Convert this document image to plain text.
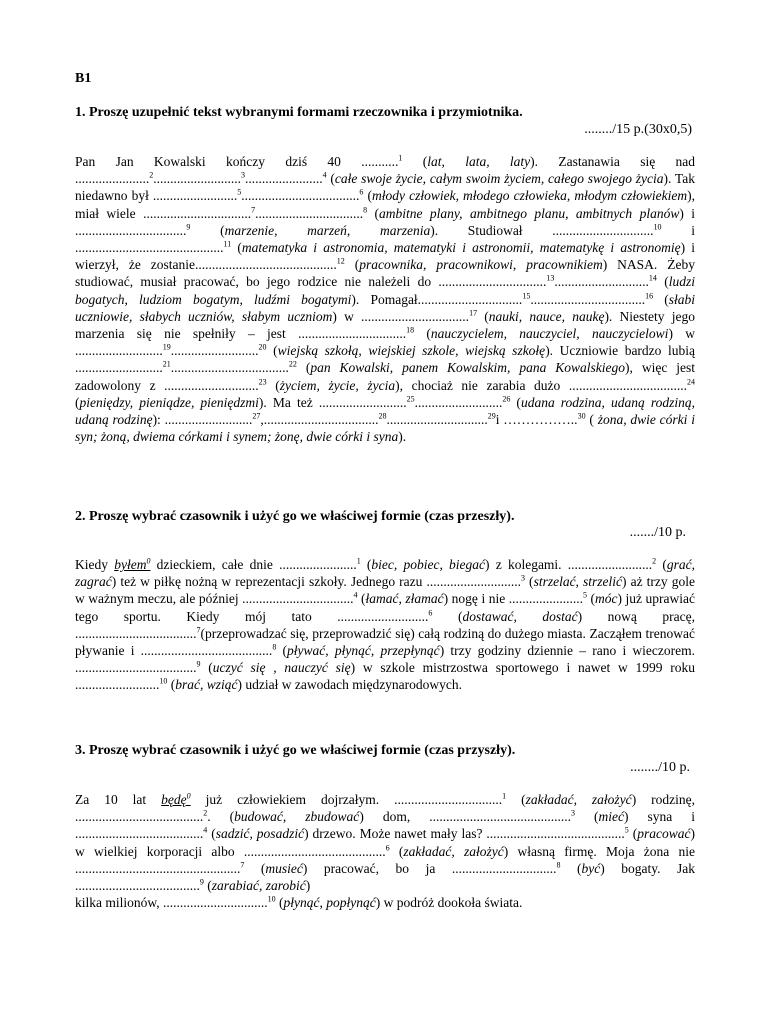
B1

1. Proszę uzupełnić tekst wybranymi formami rzeczownika i przymiotnika.

......../15 p.(30x0,5)

Pan Jan Kowalski kończy dziś 40 ...........$^1$ (lat, lata, laty). Zastanawia się nad ......................$^2$..........................$^3$.......................$^4$ (całe swoje życie, całym swoim życiem, całego swojego życia). Tak niedawno był .........................$^5$...................................$^6$ (młody człowiek, młodego człowieka, młodym człowiekiem), miał wiele ................................$^7$................................$^8$ (ambitne plany, ambitnego planu, ambitnych planów) i .................................$^9$ (marzenie, marzeń, marzenia). Studiował ..............................$^{10}$ i ............................................$^{11}$ (matematyka i astronomia, matematyki i astronomii, matematykę i astronomię) i wierzył, że zostanie..........................................$^{12}$ (pracownika, pracownikowi, pracownikiem) NASA. Żeby studiować, musiał pracować, bo jego rodzice nie należeli do ................................$^{13}$............................$^{14}$ (ludzi bogatych, ludziom bogatym, ludźmi bogatymi). Pomagał...............................$^{15}$..................................$^{16}$ (słabi uczniowie, słabych uczniów, słabym uczniom) w ................................$^{17}$ (nauki, nauce, naukę). Niestety jego marzenia się nie spełniły – jest ................................$^{18}$ (nauczycielem, nauczyciel, nauczycielowi) w ..........................$^{19}$..........................$^{20}$ (wiejską szkołą, wiejskiej szkole, wiejską szkołę). Uczniowie bardzo lubią ..........................$^{21}$...................................$^{22}$ (pan Kowalski, panem Kowalskim, pana Kowalskiego), więc jest zadowolony z ............................$^{23}$ (życiem, życie, życia), chociaż nie zarabia dużo ...................................$^{24}$ (pieniędzy, pieniądze, pieniędzmi). Ma też ..........................$^{25}$..........................$^{26}$ (udana rodzina, udaną rodziną, udaną rodzinę): ..........................$^{27}$,..................................$^{28}$..............................$^{29}$i ……………..$^{30}$ ( żona, dwie córki i syn; żoną, dwiema córkami i synem; żonę, dwie córki i syna).

2. Proszę wybrać czasownik i użyć go we właściwej formie (czas przeszły).

......./10 p.

Kiedy byłem$^0$ dzieckiem, całe dnie .......................$^1$ (biec, pobiec, biegać) z kolegami. .........................$^2$ (grać, zagrać) też w piłkę nożną w reprezentacji szkoły. Jednego razu ............................$^3$ (strzelać, strzelić) aż trzy gole w ważnym meczu, ale później .................................$^4$ (łamać, złamać) nogę i nie ......................$^5$ (móc) już uprawiać tego sportu. Kiedy mój tato ...........................$^6$ (dostawać, dostać) nową pracę, ....................................$^7$(przeprowadzać się, przeprowadzić się) całą rodziną do dużego miasta. Zacząłem trenować pływanie i .......................................$^8$ (pływać, płynąć, przepłynąć) trzy godziny dziennie – rano i wieczorem. ....................................$^9$ (uczyć się , nauczyć się) w szkole mistrzostwa sportowego i nawet w 1999 roku .........................$^{10}$ (brać, wziąć) udział w zawodach międzynarodowych.

3. Proszę wybrać czasownik i użyć go we właściwej formie (czas przyszły).

......../10 p.

Za 10 lat będę$^0$ już człowiekiem dojrzałym. ................................$^1$ (zakładać, założyć) rodzinę, ......................................$^2$. (budować, zbudować) dom, ..........................................$^3$ (mieć) syna i ......................................$^4$ (sadzić, posadzić) drzewo. Może nawet mały las? .........................................$^5$ (pracować) w wielkiej korporacji albo ..........................................$^6$ (zakładać, założyć) własną firmę. Moja żona nie .................................................$^7$ (musieć) pracować, bo ja ...............................$^8$ (być) bogaty. Jak .....................................$^9$ (zarabiać, zarobić)
kilka milionów, ...............................$^{10}$ (płynąć, popłynąć) w podróż dookoła świata.
